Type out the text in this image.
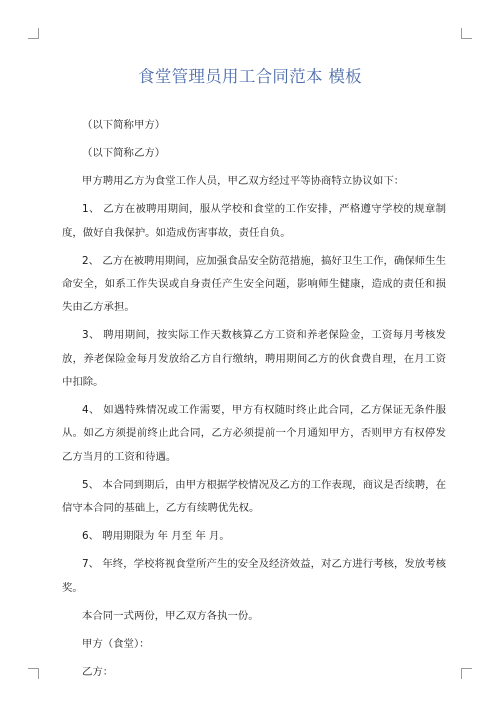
食堂管理员用工合同范本 模板

（以下简称甲方）

（以下简称乙方）

甲方聘用乙方为食堂工作人员，甲乙双方经过平等协商特立协议如下：

1、 乙方在被聘用期间，服从学校和食堂的工作安排，严格遵守学校的规章制度，做好自我保护。如造成伤害事故，责任自负。

2、 乙方在被聘用期间，应加强食品安全防范措施，搞好卫生工作，确保师生生命安全，如系工作失误或自身责任产生安全问题，影响师生健康，造成的责任和损失由乙方承担。

3、 聘用期间，按实际工作天数核算乙方工资和养老保险金，工资每月考核发放，养老保险金每月发放给乙方自行缴纳，聘用期间乙方的伙食费自理，在月工资中扣除。

4、 如遇特殊情况或工作需要，甲方有权随时终止此合同，乙方保证无条件服从。如乙方须提前终止此合同，乙方必须提前一个月通知甲方，否则甲方有权停发乙方当月的工资和待遇。

5、 本合同到期后，由甲方根据学校情况及乙方的工作表现，商议是否续聘，在信守本合同的基础上，乙方有续聘优先权。

6、 聘用期限为 年 月至 年 月。

7、 年终，学校将视食堂所产生的安全及经济效益，对乙方进行考核，发放考核奖。

本合同一式两份，甲乙双方各执一份。

甲方（食堂）：

乙方：
